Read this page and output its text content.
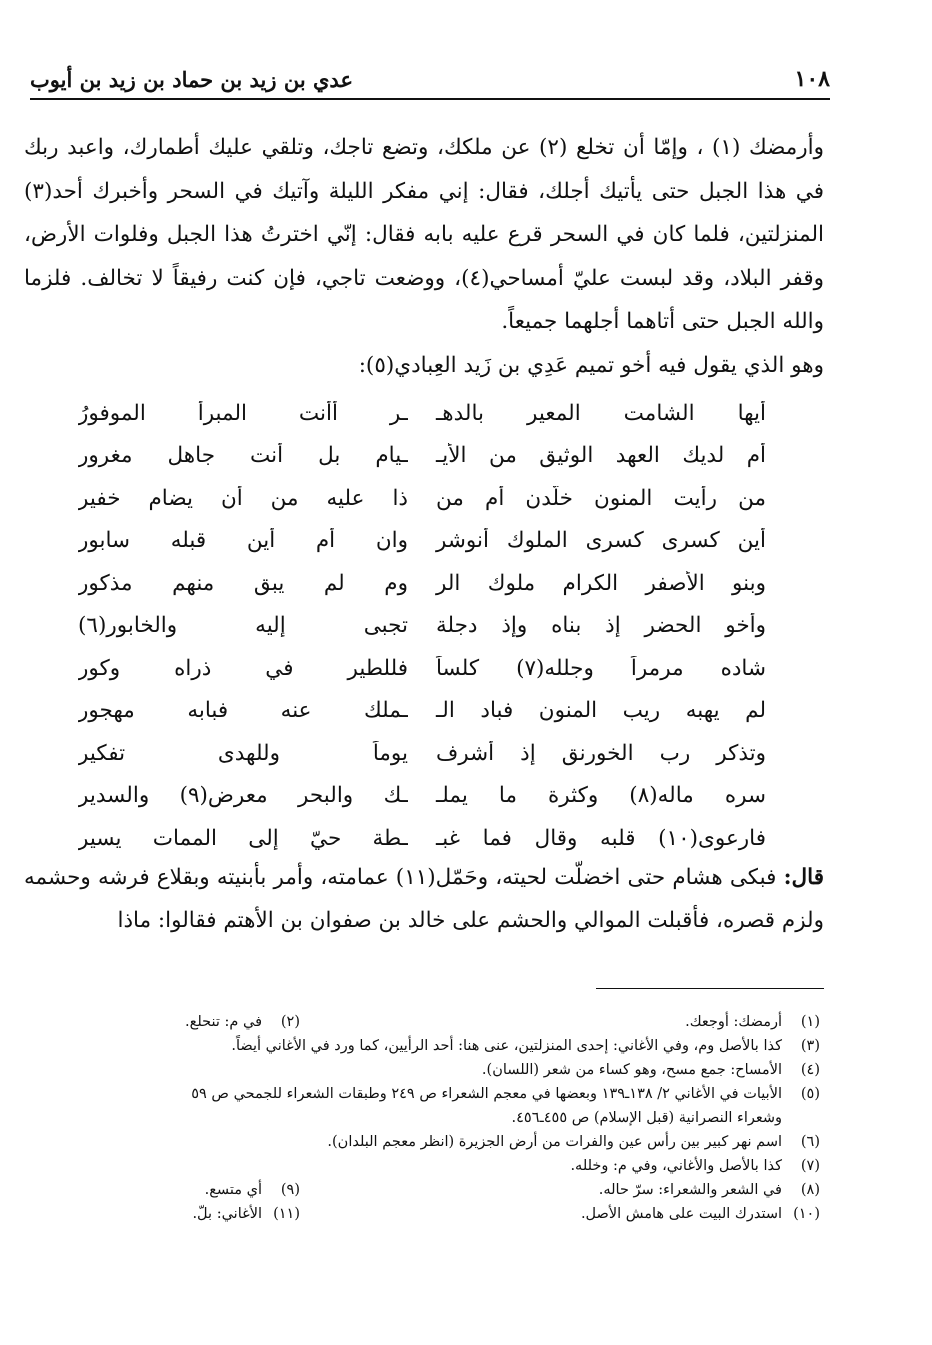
١٠٨
عدي بن زيد بن حماد بن زيد بن أيوب

وأرمضك (١) ، وإمّا أن تخلع (٢) عن ملكك، وتضع تاجك، وتلقي عليك أطمارك، واعبد ربك في هذا الجبل حتى يأتيك أجلك، فقال: إني مفكر الليلة وآتيك في السحر وأخبرك أحد(٣) المنزلتين، فلما كان في السحر قرع عليه بابه فقال: إنّي اخترتُ هذا الجبل وفلوات الأرض، وقفر البلاد، وقد لبست عليّ أمساحي(٤)، ووضعت تاجي، فإن كنت رفيقاً لا تخالف. فلزما والله الجبل حتى أتاهما أجلهما جميعاً.

وهو الذي يقول فيه أخو تميم عَدِي بن زَيد العِبادي(٥):

أيها الشامت المعير بالدهـ
ـر أأنت المبرأ الموفورُ
أم لديك العهد الوثيق من الأيـ
ـيام بل أنت جاهل مغرور
من رأيت المنون خلّدن أم من
ذا عليه من أن يضام خفير
أين كسرى كسرى الملوك أنوشر
وان أم أين قبله سابور
وبنو الأصفر الكرام ملوك الر
وم لم يبق منهم مذكور
وأخو الحضر إذ بناه وإذ دجلة
تجبى إليه والخابور(٦)
شاده مرمراً وجلله(٧) كلساً
فللطير في ذراه وكور
لم يهبه ريب المنون فباد الـ
ـملك عنه فبابه مهجور
وتذكر رب الخورنق إذ أشرف
يوماً وللهدى تفكير
سره ماله(٨) وكثرة ما يملـ
ـك والبحر معرض(٩) والسدير
فارعوى(١٠) قلبه وقال فما غبـ
ـطة حيّ إلى الممات يسير

قال: فبكى هشام حتى اخضلّت لحيته، وحَمّل(١١) عمامته، وأمر بأبنيته وبقلاع فرشه وحشمه ولزم قصره، فأقبلت الموالي والحشم على خالد بن صفوان بن الأهتم فقالوا: ماذا

(١)
أرمضك: أوجعك.
(٢)
في م: تنحلع.
(٣)
كذا بالأصل وم، وفي الأغاني: إحدى المنزلتين، عنى هنا: أحد الرأيين، كما ورد في الأغاني أيضاً.
(٤)
الأمساح: جمع مسح، وهو كساء من شعر (اللسان).
(٥)
الأبيات في الأغاني ٢/ ١٣٨ـ١٣٩ وبعضها في معجم الشعراء ص ٢٤٩ وطبقات الشعراء للجمحي ص ٥٩
وشعراء النصرانية (قبل الإسلام) ص ٤٥٥ـ٤٥٦.
(٦)
اسم نهر كبير بين رأس عين والفرات من أرض الجزيرة (انظر معجم البلدان).
(٧)
كذا بالأصل والأغاني، وفي م: وخلله.
(٨)
في الشعر والشعراء: سرّ حاله.
(٩)
أي متسع.
(١٠)
استدرك البيت على هامش الأصل.
(١١)
الأغاني: بلّ.
